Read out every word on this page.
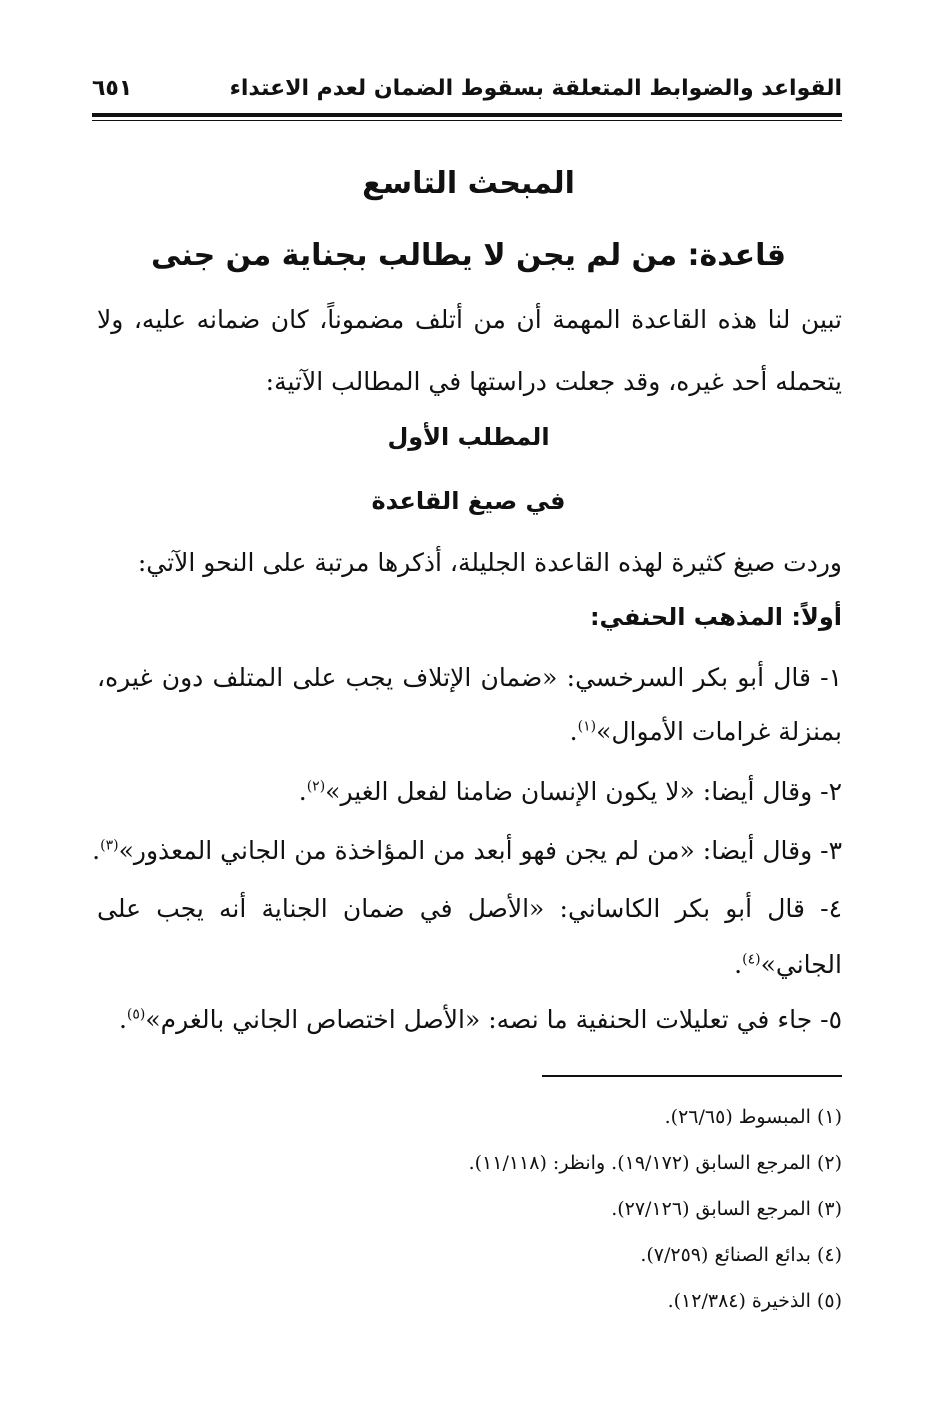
القواعد والضوابط المتعلقة بسقوط الضمان لعدم الاعتداء
٦٥١
المبحث التاسع
قاعدة: من لم يجن لا يطالب بجناية من جنى
تبين لنا هذه القاعدة المهمة أن من أتلف مضموناً، كان ضمانه عليه، ولا
يتحمله أحد غيره، وقد جعلت دراستها في المطالب الآتية:
المطلب الأول
في صيغ القاعدة
وردت صيغ كثيرة لهذه القاعدة الجليلة، أذكرها مرتبة على النحو الآتي:
أولاً: المذهب الحنفي:
١- قال أبو بكر السرخسي: «ضمان الإتلاف يجب على المتلف دون غيره،
بمنزلة غرامات الأموال»$^{(١)}$.
٢- وقال أيضا: «لا يكون الإنسان ضامنا لفعل الغير»$^{(٢)}$.
٣- وقال أيضا: «من لم يجن فهو أبعد من المؤاخذة من الجاني المعذور»$^{(٣)}$.
٤- قال أبو بكر الكاساني: «الأصل في ضمان الجناية أنه يجب على
الجاني»$^{(٤)}$.
٥- جاء في تعليلات الحنفية ما نصه: «الأصل اختصاص الجاني بالغرم»$^{(٥)}$.
(١) المبسوط (٢٦/٦٥).
(٢) المرجع السابق (١٩/١٧٢). وانظر: (١١/١١٨).
(٣) المرجع السابق (٢٧/١٢٦).
(٤) بدائع الصنائع (٧/٢٥٩).
(٥) الذخيرة (١٢/٣٨٤).
